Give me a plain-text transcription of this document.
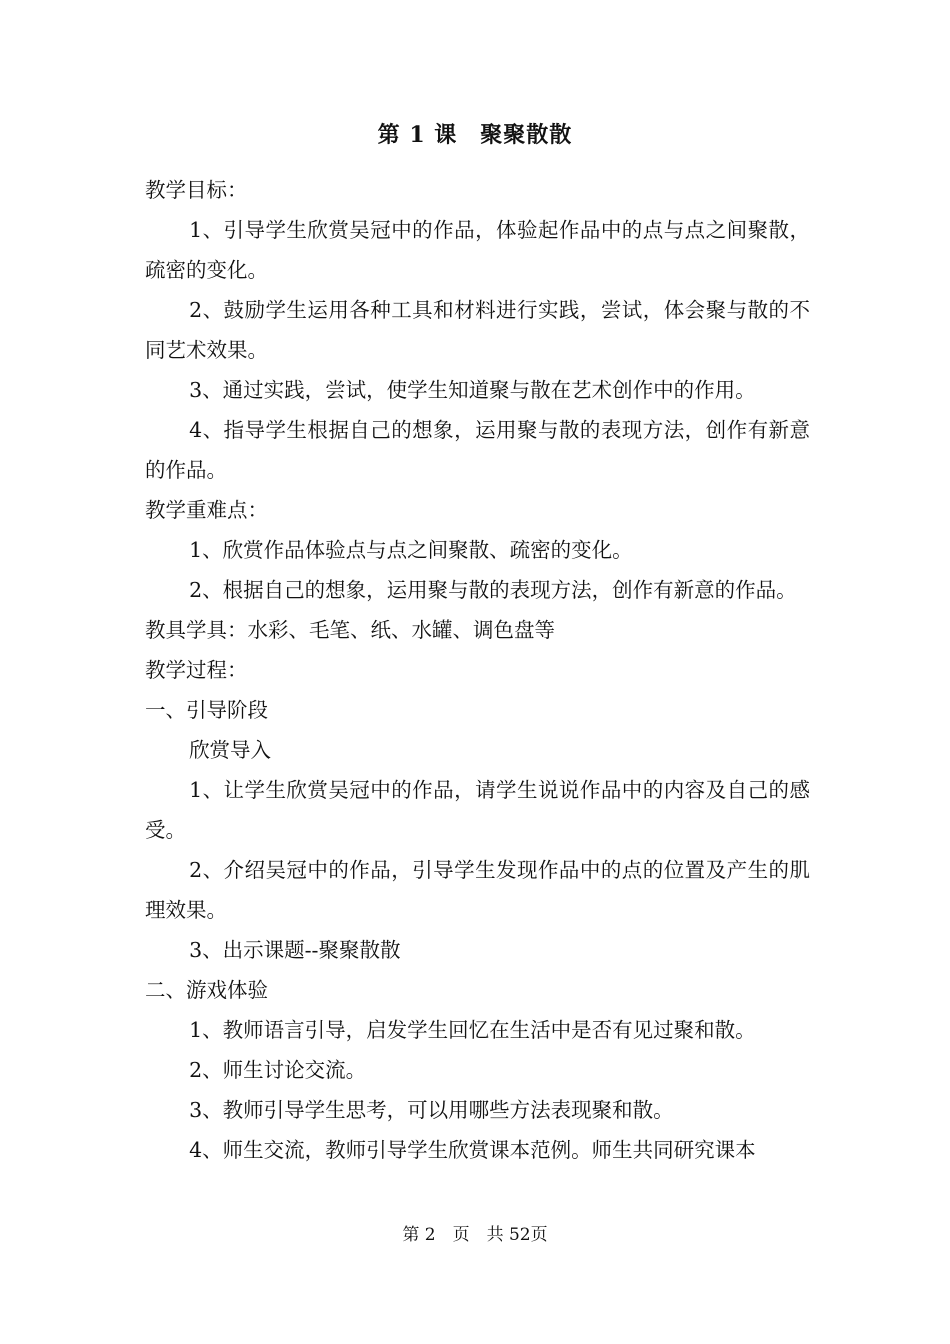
第 1 课　聚聚散散

教学目标：

1、引导学生欣赏吴冠中的作品，体验起作品中的点与点之间聚散，疏密的变化。

2、鼓励学生运用各种工具和材料进行实践，尝试，体会聚与散的不同艺术效果。

3、通过实践，尝试，使学生知道聚与散在艺术创作中的作用。

4、指导学生根据自己的想象，运用聚与散的表现方法，创作有新意的作品。

教学重难点：

1、欣赏作品体验点与点之间聚散、疏密的变化。

2、根据自己的想象，运用聚与散的表现方法，创作有新意的作品。

教具学具：水彩、毛笔、纸、水罐、调色盘等

教学过程：

一、引导阶段

欣赏导入

1、让学生欣赏吴冠中的作品，请学生说说作品中的内容及自己的感受。

2、介绍吴冠中的作品，引导学生发现作品中的点的位置及产生的肌理效果。

3、出示课题--聚聚散散

二、游戏体验

1、教师语言引导，启发学生回忆在生活中是否有见过聚和散。

2、师生讨论交流。

3、教师引导学生思考，可以用哪些方法表现聚和散。

4、师生交流，教师引导学生欣赏课本范例。师生共同研究课本

第 2　页　共 52页
